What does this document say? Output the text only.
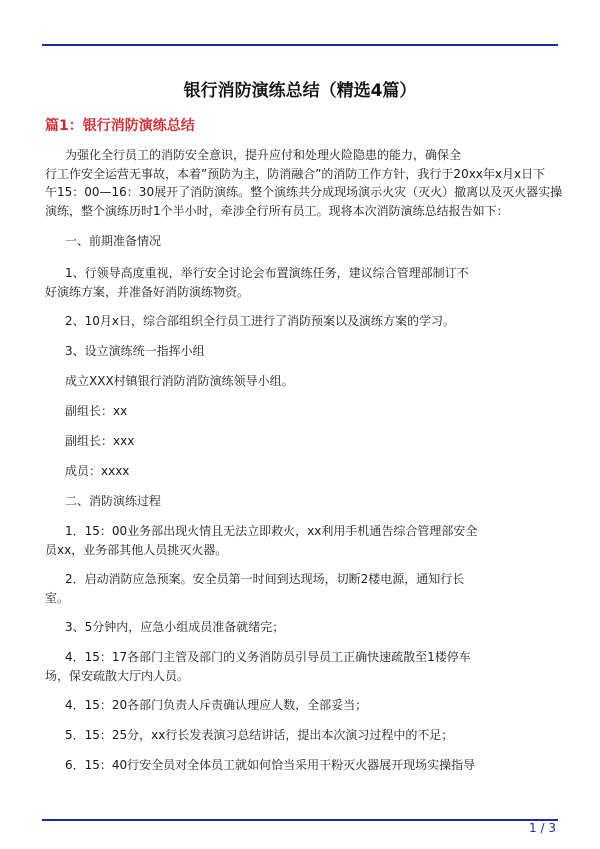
银行消防演练总结（精选4篇）
篇1：银行消防演练总结
为强化全行员工的消防安全意识，提升应付和处理火险隐患的能力，确保全
行工作安全运营无事故，本着”预防为主，防消融合”的消防工作方针，我行于20xx年x月x日下
午15：00—16：30展开了消防演练。整个演练共分成现场演示火灾（灭火）撤离以及灭火器实操
演练，整个演练历时1个半小时，牵涉全行所有员工。现将本次消防演练总结报告如下：
一、前期准备情况
1、行领导高度重视，举行安全讨论会布置演练任务，建议综合管理部制订不
好演练方案，并准备好消防演练物资。
2、10月x日，综合部组织全行员工进行了消防预案以及演练方案的学习。
3、设立演练统一指挥小组
成立XXX村镇银行消防消防演练领导小组。
副组长：xx
副组长：xxx
成员：xxxx
二、消防演练过程
1．15：00业务部出现火情且无法立即救火，xx利用手机通告综合管理部安全
员xx，业务部其他人员挑灭火器。
2．启动消防应急预案。安全员第一时间到达现场，切断2楼电源，通知行长
室。
3、5分钟内，应急小组成员准备就绪完；
4．15：17各部门主管及部门的义务消防员引导员工正确快速疏散至1楼停车
场，保安疏散大厅内人员。
4．15：20各部门负责人斥责确认理应人数，全部妥当；
5．15：25分，xx行长发表演习总结讲话，提出本次演习过程中的不足；
6．15：40行安全员对全体员工就如何恰当采用干粉灭火器展开现场实操指导
1 / 3
